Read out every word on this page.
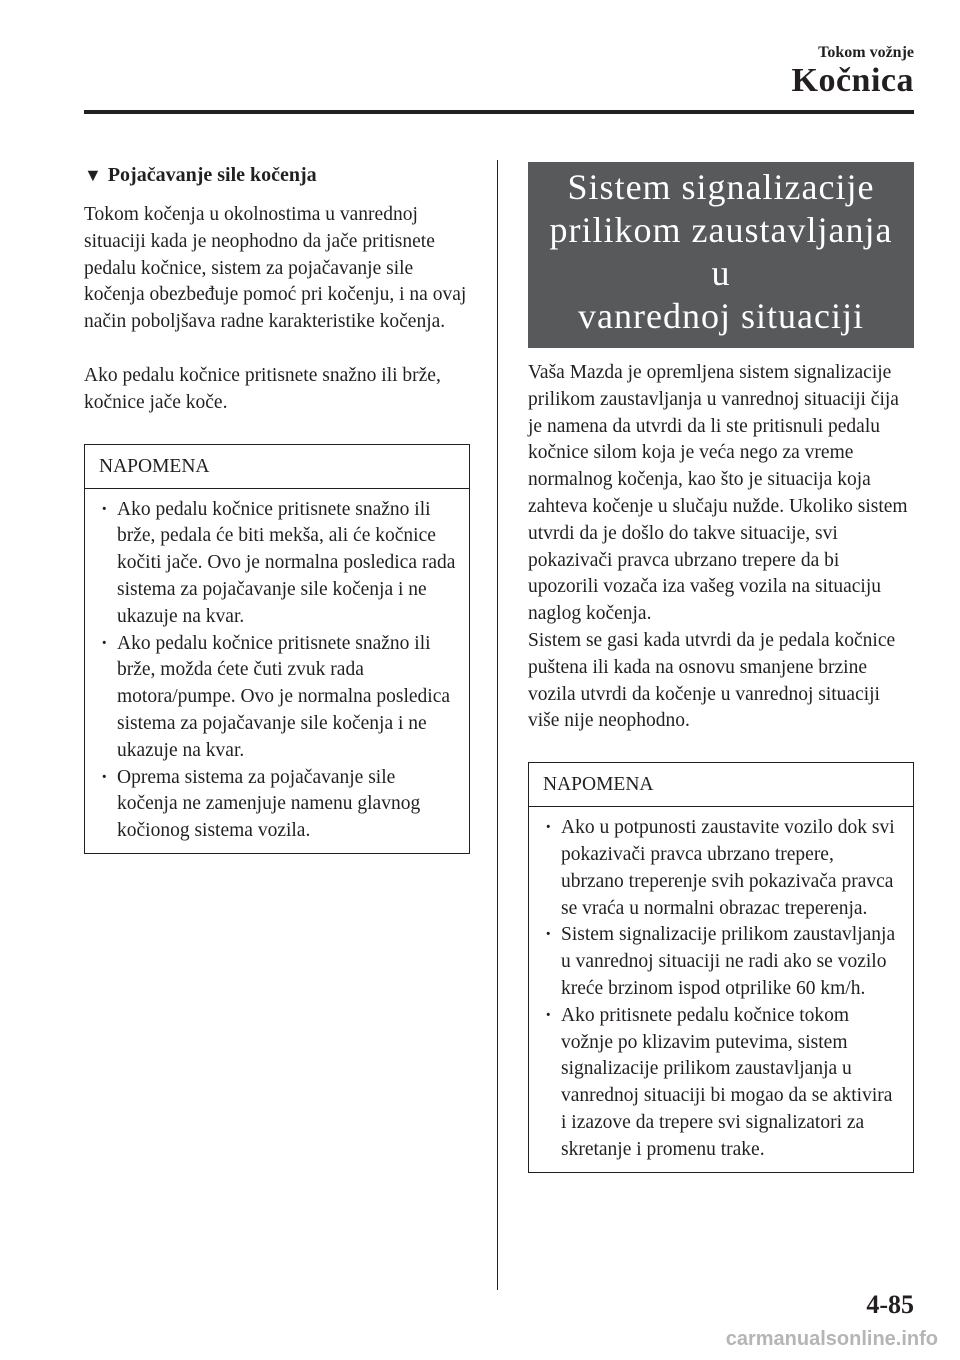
Tokom vožnje
Kočnica
▼ Pojačavanje sile kočenja

Tokom kočenja u okolnostima u vanrednoj situaciji kada je neophodno da jače pritisnete pedalu kočnice, sistem za pojačavanje sile kočenja obezbeđuje pomoć pri kočenju, i na ovaj način poboljšava radne karakteristike kočenja.

Ako pedalu kočnice pritisnete snažno ili brže, kočnice jače koče.

NAPOMENA
· Ako pedalu kočnice pritisnete snažno ili brže, pedala će biti mekša, ali će kočnice kočiti jače. Ovo je normalna posledica rada sistema za pojačavanje sile kočenja i ne ukazuje na kvar.
· Ako pedalu kočnice pritisnete snažno ili brže, možda ćete čuti zvuk rada motora/pumpe. Ovo je normalna posledica sistema za pojačavanje sile kočenja i ne ukazuje na kvar.
· Oprema sistema za pojačavanje sile kočenja ne zamenjuje namenu glavnog kočionog sistema vozila.
Sistem signalizacije
prilikom zaustavljanja u
vanrednoj situaciji

Vaša Mazda je opremljena sistem signalizacije prilikom zaustavljanja u vanrednoj situaciji čija je namena da utvrdi da li ste pritisnuli pedalu kočnice silom koja je veća nego za vreme normalnog kočenja, kao što je situacija koja zahteva kočenje u slučaju nužde. Ukoliko sistem utvrdi da je došlo do takve situacije, svi pokazivači pravca ubrzano trepere da bi upozorili vozača iza vašeg vozila na situaciju naglog kočenja.

Sistem se gasi kada utvrdi da je pedala kočnice puštena ili kada na osnovu smanjene brzine vozila utvrdi da kočenje u vanrednoj situaciji više nije neophodno.

NAPOMENA
· Ako u potpunosti zaustavite vozilo dok svi pokazivači pravca ubrzano trepere, ubrzano treperenje svih pokazivača pravca se vraća u normalni obrazac treperenja.
· Sistem signalizacije prilikom zaustavljanja u vanrednoj situaciji ne radi ako se vozilo kreće brzinom ispod otprilike 60 km/h.
· Ako pritisnete pedalu kočnice tokom vožnje po klizavim putevima, sistem signalizacije prilikom zaustavljanja u vanrednoj situaciji bi mogao da se aktivira i izazove da trepere svi signalizatori za skretanje i promenu trake.
4-85
carmanualsonline.info
